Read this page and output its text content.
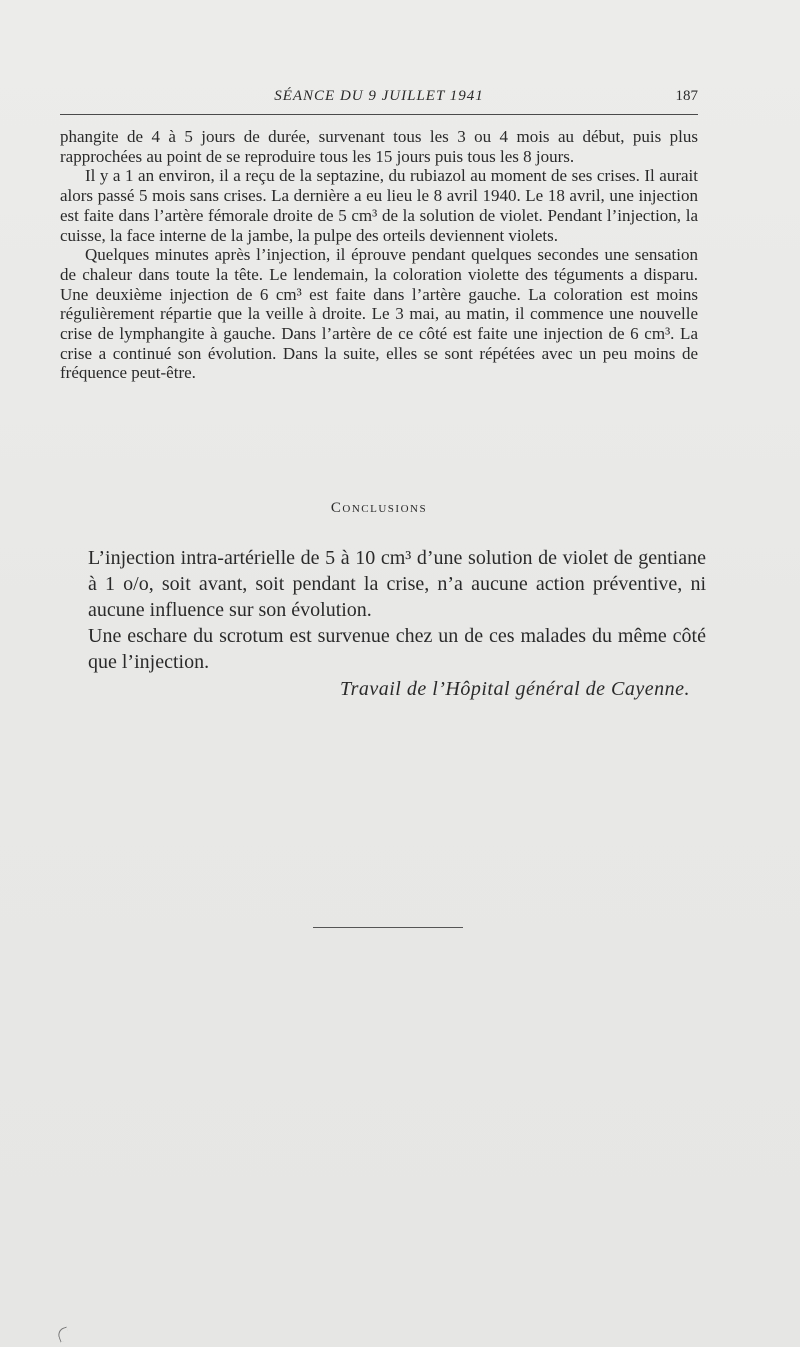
SÉANCE DU 9 JUILLET 1941	187

phangite de 4 à 5 jours de durée, survenant tous les 3 ou 4 mois au début, puis plus rapprochées au point de se reproduire tous les 15 jours puis tous les 8 jours.

Il y a 1 an environ, il a reçu de la septazine, du rubiazol au moment de ses crises. Il aurait alors passé 5 mois sans crises. La dernière a eu lieu le 8 avril 1940. Le 18 avril, une injection est faite dans l’artère fémorale droite de 5 cm³ de la solution de violet. Pendant l’injection, la cuisse, la face interne de la jambe, la pulpe des orteils deviennent violets.

Quelques minutes après l’injection, il éprouve pendant quelques secondes une sensation de chaleur dans toute la tête. Le lendemain, la coloration violette des téguments a disparu. Une deuxième injection de 6 cm³ est faite dans l’artère gauche. La coloration est moins régulièrement répartie que la veille à droite. Le 3 mai, au matin, il commence une nouvelle crise de lymphangite à gauche. Dans l’artère de ce côté est faite une injection de 6 cm³. La crise a continué son évolution. Dans la suite, elles se sont répétées avec un peu moins de fréquence peut-être.

Conclusions

L’injection intra-artérielle de 5 à 10 cm³ d’une solution de violet de gentiane à 1 o/o, soit avant, soit pendant la crise, n’a aucune action préventive, ni aucune influence sur son évolution.

Une eschare du scrotum est survenue chez un de ces malades du même côté que l’injection.

Travail de l’Hôpital général de Cayenne.
